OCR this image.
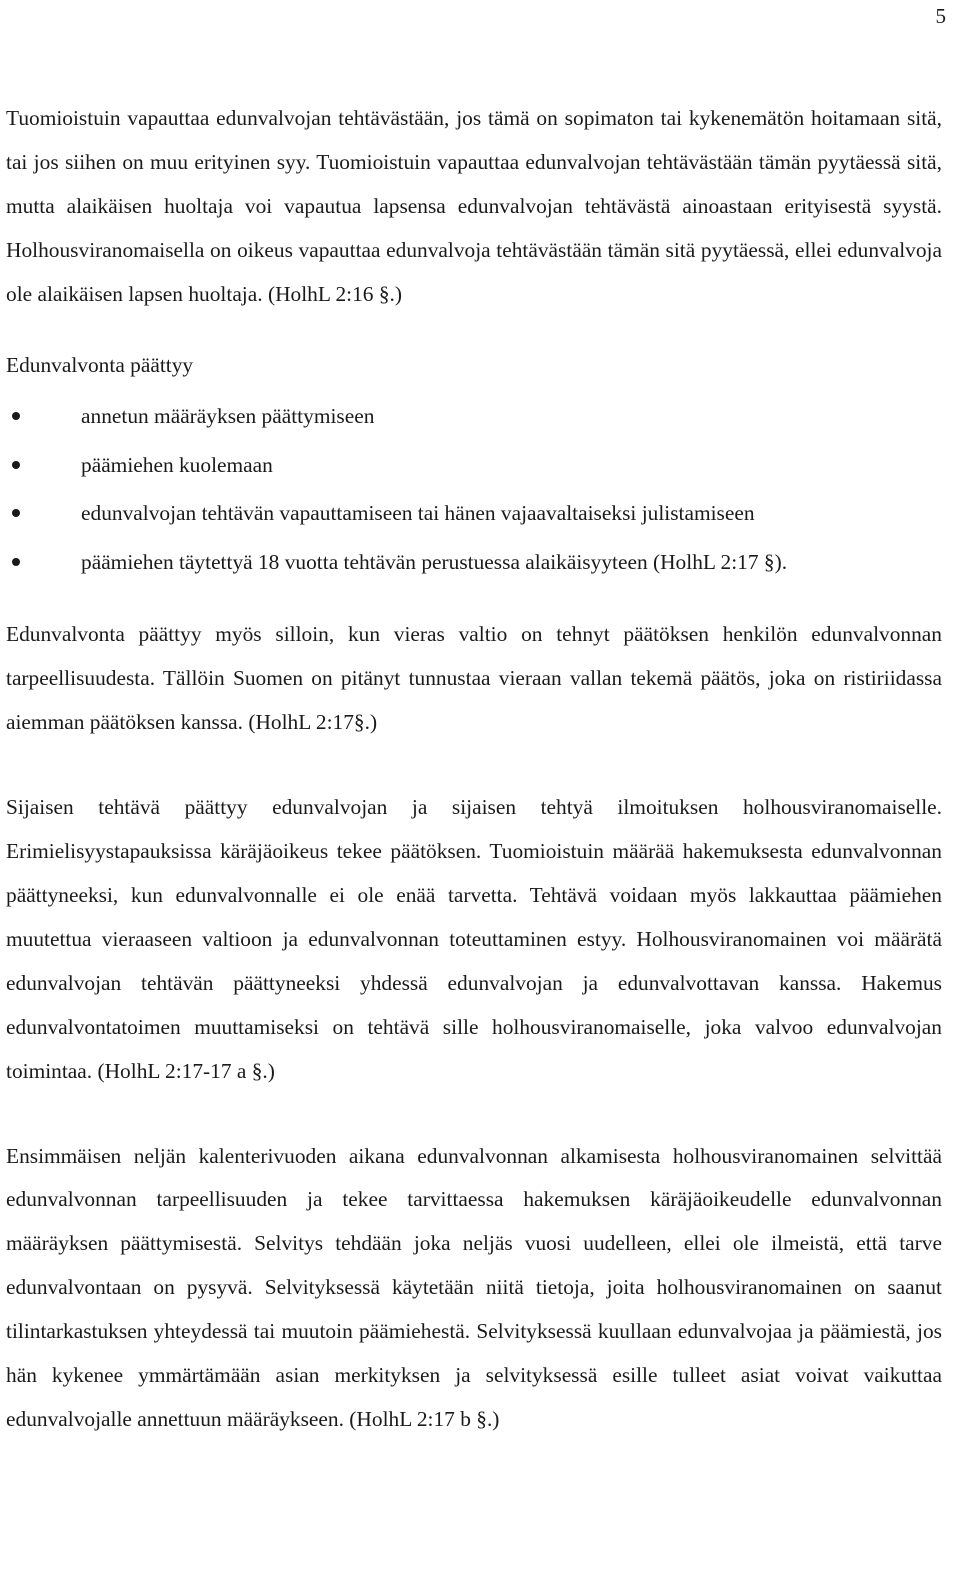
5

Tuomioistuin vapauttaa edunvalvojan tehtävästään, jos tämä on sopimaton tai kykenemätön hoitamaan sitä, tai jos siihen on muu erityinen syy. Tuomioistuin vapauttaa edunvalvojan tehtävästään tämän pyytäessä sitä, mutta alaikäisen huoltaja voi vapautua lapsensa edunvalvojan tehtävästä ainoastaan erityisestä syystä. Holhousviranomaisella on oikeus vapauttaa edunvalvoja tehtävästään tämän sitä pyytäessä, ellei edunvalvoja ole alaikäisen lapsen huoltaja. (HolhL 2:16 §.)

Edunvalvonta päättyy

annetun määräyksen päättymiseen
päämiehen kuolemaan
edunvalvojan tehtävän vapauttamiseen tai hänen vajaavaltaiseksi julistamiseen
päämiehen täytettyä 18 vuotta tehtävän perustuessa alaikäisyyteen (HolhL 2:17 §).

Edunvalvonta päättyy myös silloin, kun vieras valtio on tehnyt päätöksen henkilön edunvalvonnan tarpeellisuudesta. Tällöin Suomen on pitänyt tunnustaa vieraan vallan tekemä päätös, joka on ristiriidassa aiemman päätöksen kanssa. (HolhL 2:17§.)

Sijaisen tehtävä päättyy edunvalvojan ja sijaisen tehtyä ilmoituksen holhousviranomaiselle. Erimielisyystapauksissa käräjäoikeus tekee päätöksen. Tuomioistuin määrää hakemuksesta edunvalvonnan päättyneeksi, kun edunvalvonnalle ei ole enää tarvetta. Tehtävä voidaan myös lakkauttaa päämiehen muutettua vieraaseen valtioon ja edunvalvonnan toteuttaminen estyy. Holhousviranomainen voi määrätä edunvalvojan tehtävän päättyneeksi yhdessä edunvalvojan ja edunvalvottavan kanssa. Hakemus edunvalvontatoimen muuttamiseksi on tehtävä sille holhousviranomaiselle, joka valvoo edunvalvojan toimintaa. (HolhL 2:17-17 a §.)

Ensimmäisen neljän kalenterivuoden aikana edunvalvonnan alkamisesta holhousviranomainen selvittää edunvalvonnan tarpeellisuuden ja tekee tarvittaessa hakemuksen käräjäoikeudelle edunvalvonnan määräyksen päättymisestä. Selvitys tehdään joka neljäs vuosi uudelleen, ellei ole ilmeistä, että tarve edunvalvontaan on pysyvä. Selvityksessä käytetään niitä tietoja, joita holhousviranomainen on saanut tilintarkastuksen yhteydessä tai muutoin päämiehestä. Selvityksessä kuullaan edunvalvojaa ja päämiestä, jos hän kykenee ymmärtämään asian merkityksen ja selvityksessä esille tulleet asiat voivat vaikuttaa edunvalvojalle annettuun määräykseen. (HolhL 2:17 b §.)
